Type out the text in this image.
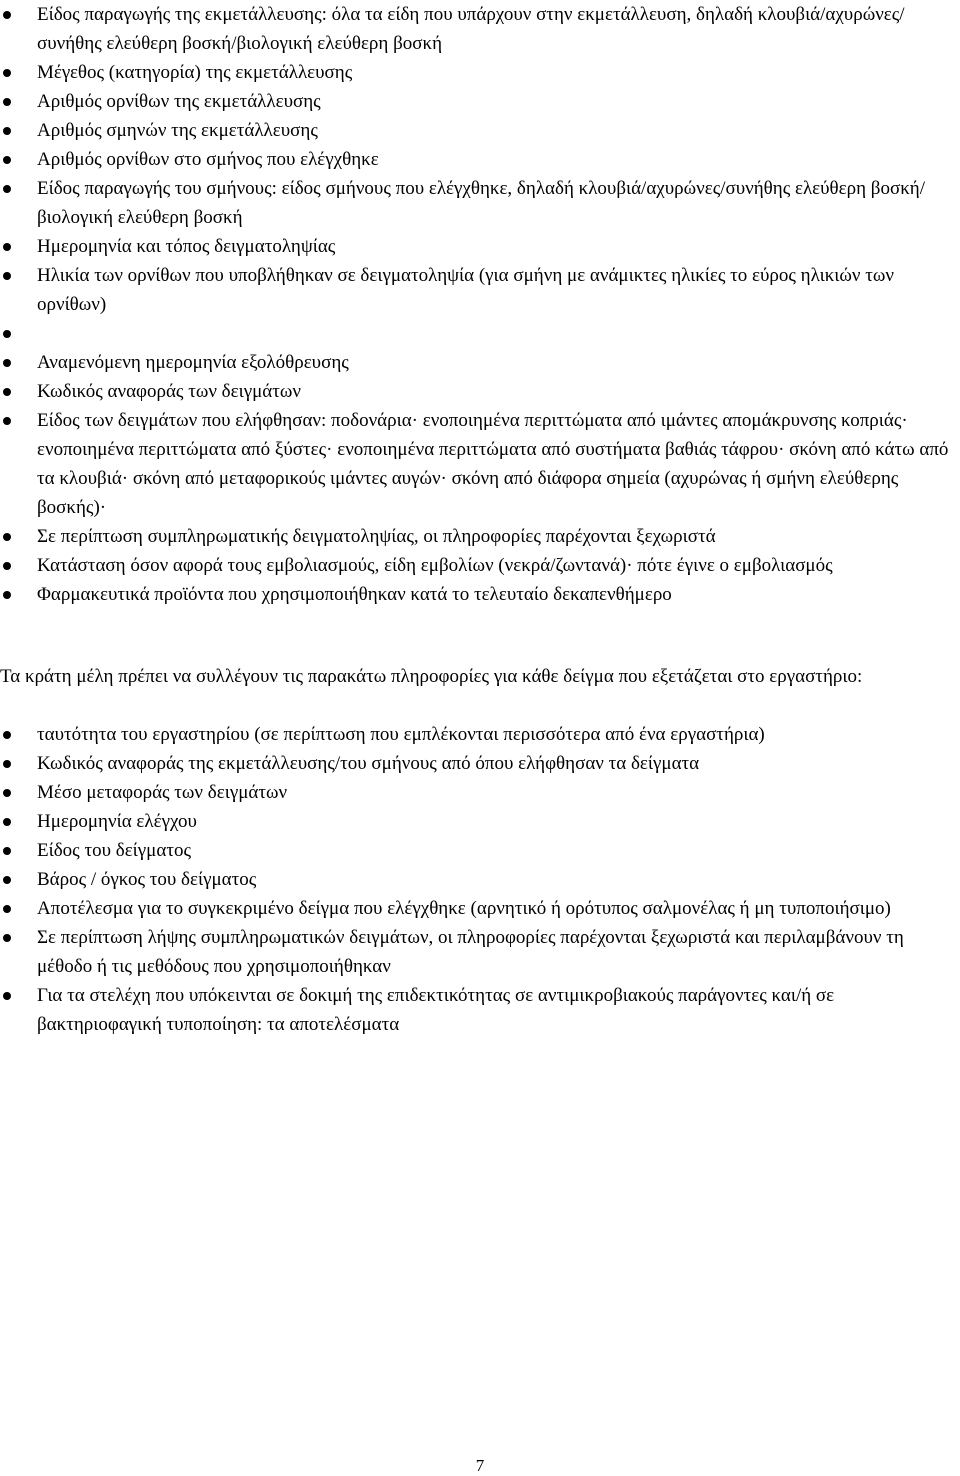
Είδος παραγωγής της εκμετάλλευσης: όλα τα είδη που υπάρχουν στην εκμετάλλευση, δηλαδή κλουβιά/αχυρώνες/συνήθης ελεύθερη βοσκή/βιολογική ελεύθερη βοσκή
Μέγεθος (κατηγορία) της εκμετάλλευσης
Αριθμός ορνίθων της εκμετάλλευσης
Αριθμός σμηνών της εκμετάλλευσης
Αριθμός ορνίθων στο σμήνος που ελέγχθηκε
Είδος παραγωγής του σμήνους: είδος σμήνους που ελέγχθηκε, δηλαδή κλουβιά/αχυρώνες/συνήθης ελεύθερη βοσκή/βιολογική ελεύθερη βοσκή
Ημερομηνία και τόπος δειγματοληψίας
Ηλικία των ορνίθων που υποβλήθηκαν σε δειγματοληψία (για σμήνη με ανάμικτες ηλικίες το εύρος ηλικιών των ορνίθων)
Αναμενόμενη ημερομηνία εξολόθρευσης
Κωδικός αναφοράς των δειγμάτων
Είδος των δειγμάτων που ελήφθησαν: ποδονάρια· ενοποιημένα περιττώματα από ιμάντες απομάκρυνσης κοπριάς· ενοποιημένα περιττώματα από ξύστες· ενοποιημένα περιττώματα από συστήματα βαθιάς τάφρου· σκόνη από κάτω από τα κλουβιά· σκόνη από μεταφορικούς ιμάντες αυγών· σκόνη από διάφορα σημεία (αχυρώνας ή σμήνη ελεύθερης βοσκής)·
Σε περίπτωση συμπληρωματικής δειγματοληψίας, οι πληροφορίες παρέχονται ξεχωριστά
Κατάσταση όσον αφορά τους εμβολιασμούς, είδη εμβολίων (νεκρά/ζωντανά)· πότε έγινε ο εμβολιασμός
Φαρμακευτικά προϊόντα που χρησιμοποιήθηκαν κατά το τελευταίο δεκαπενθήμερο

Τα κράτη μέλη πρέπει να συλλέγουν τις παρακάτω πληροφορίες για κάθε δείγμα που εξετάζεται στο εργαστήριο:

ταυτότητα του εργαστηρίου (σε περίπτωση που εμπλέκονται περισσότερα από ένα εργαστήρια)
Κωδικός αναφοράς της εκμετάλλευσης/του σμήνους από όπου ελήφθησαν τα δείγματα
Μέσο μεταφοράς των δειγμάτων
Ημερομηνία ελέγχου
Είδος του δείγματος
Βάρος / όγκος του δείγματος
Αποτέλεσμα για το συγκεκριμένο δείγμα που ελέγχθηκε (αρνητικό ή ορότυπος σαλμονέλας ή μη τυποποιήσιμο)
Σε περίπτωση λήψης συμπληρωματικών δειγμάτων, οι πληροφορίες παρέχονται ξεχωριστά και περιλαμβάνουν τη μέθοδο ή τις μεθόδους που χρησιμοποιήθηκαν
Για τα στελέχη που υπόκεινται σε δοκιμή της επιδεκτικότητας σε αντιμικροβιακούς παράγοντες και/ή σε βακτηριοφαγική τυποποίηση: τα αποτελέσματα
7
